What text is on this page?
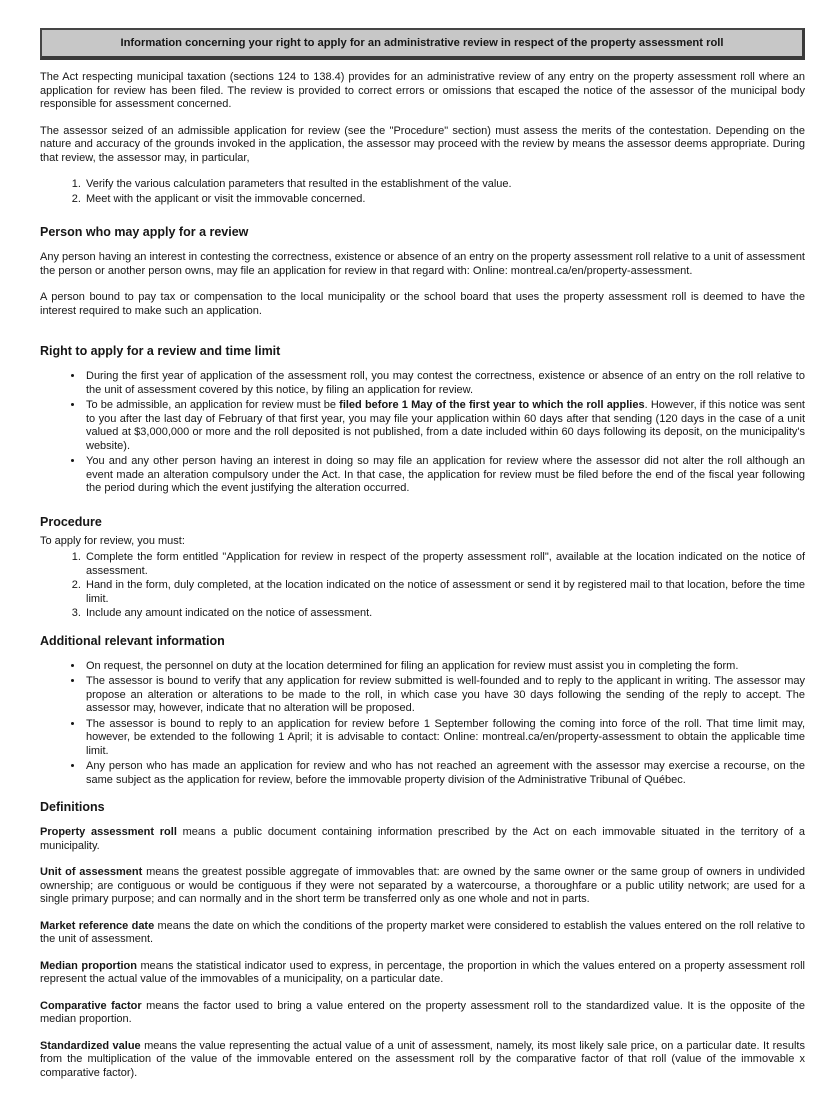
Information concerning your right to apply for an administrative review in respect of the property assessment roll

The Act respecting municipal taxation (sections 124 to 138.4) provides for an administrative review of any entry on the property assessment roll where an application for review has been filed. The review is provided to correct errors or omissions that escaped the notice of the assessor of the municipal body responsible for assessment concerned.

The assessor seized of an admissible application for review (see the "Procedure" section) must assess the merits of the contestation. Depending on the nature and accuracy of the grounds invoked in the application, the assessor may proceed with the review by means the assessor deems appropriate. During that review, the assessor may, in particular,

1. Verify the various calculation parameters that resulted in the establishment of the value.
2. Meet with the applicant or visit the immovable concerned.
Person who may apply for a review

Any person having an interest in contesting the correctness, existence or absence of an entry on the property assessment roll relative to a unit of assessment the person or another person owns, may file an application for review in that regard with: Online: montreal.ca/en/property-assessment.

A person bound to pay tax or compensation to the local municipality or the school board that uses the property assessment roll is deemed to have the interest required to make such an application.

Right to apply for a review and time limit
• During the first year of application of the assessment roll, you may contest the correctness, existence or absence of an entry on the roll relative to the unit of assessment covered by this notice, by filing an application for review.
• To be admissible, an application for review must be filed before 1 May of the first year to which the roll applies. However, if this notice was sent to you after the last day of February of that first year, you may file your application within 60 days after that sending (120 days in the case of a unit valued at $3,000,000 or more and the roll deposited is not published, from a date included within 60 days following its deposit, on the municipality's website).
• You and any other person having an interest in doing so may file an application for review where the assessor did not alter the roll although an event made an alteration compulsory under the Act. In that case, the application for review must be filed before the end of the fiscal year following the period during which the event justifying the alteration occurred.
Procedure

To apply for review, you must:

1. Complete the form entitled "Application for review in respect of the property assessment roll", available at the location indicated on the notice of assessment.
2. Hand in the form, duly completed, at the location indicated on the notice of assessment or send it by registered mail to that location, before the time limit.
3. Include any amount indicated on the notice of assessment.
Additional relevant information
• On request, the personnel on duty at the location determined for filing an application for review must assist you in completing the form.
• The assessor is bound to verify that any application for review submitted is well-founded and to reply to the applicant in writing. The assessor may propose an alteration or alterations to be made to the roll, in which case you have 30 days following the sending of the reply to accept. The assessor may, however, indicate that no alteration will be proposed.
• The assessor is bound to reply to an application for review before 1 September following the coming into force of the roll. That time limit may, however, be extended to the following 1 April; it is advisable to contact: Online: montreal.ca/en/property-assessment to obtain the applicable time limit.
• Any person who has made an application for review and who has not reached an agreement with the assessor may exercise a recourse, on the same subject as the application for review, before the immovable property division of the Administrative Tribunal of Québec.
Definitions

Property assessment roll means a public document containing information prescribed by the Act on each immovable situated in the territory of a municipality.

Unit of assessment means the greatest possible aggregate of immovables that: are owned by the same owner or the same group of owners in undivided ownership; are contiguous or would be contiguous if they were not separated by a watercourse, a thoroughfare or a public utility network; are used for a single primary purpose; and can normally and in the short term be transferred only as one whole and not in parts.

Market reference date means the date on which the conditions of the property market were considered to establish the values entered on the roll relative to the unit of assessment.

Median proportion means the statistical indicator used to express, in percentage, the proportion in which the values entered on a property assessment roll represent the actual value of the immovables of a municipality, on a particular date.

Comparative factor means the factor used to bring a value entered on the property assessment roll to the standardized value. It is the opposite of the median proportion.

Standardized value means the value representing the actual value of a unit of assessment, namely, its most likely sale price, on a particular date. It results from the multiplication of the value of the immovable entered on the assessment roll by the comparative factor of that roll (value of the immovable x comparative factor).
